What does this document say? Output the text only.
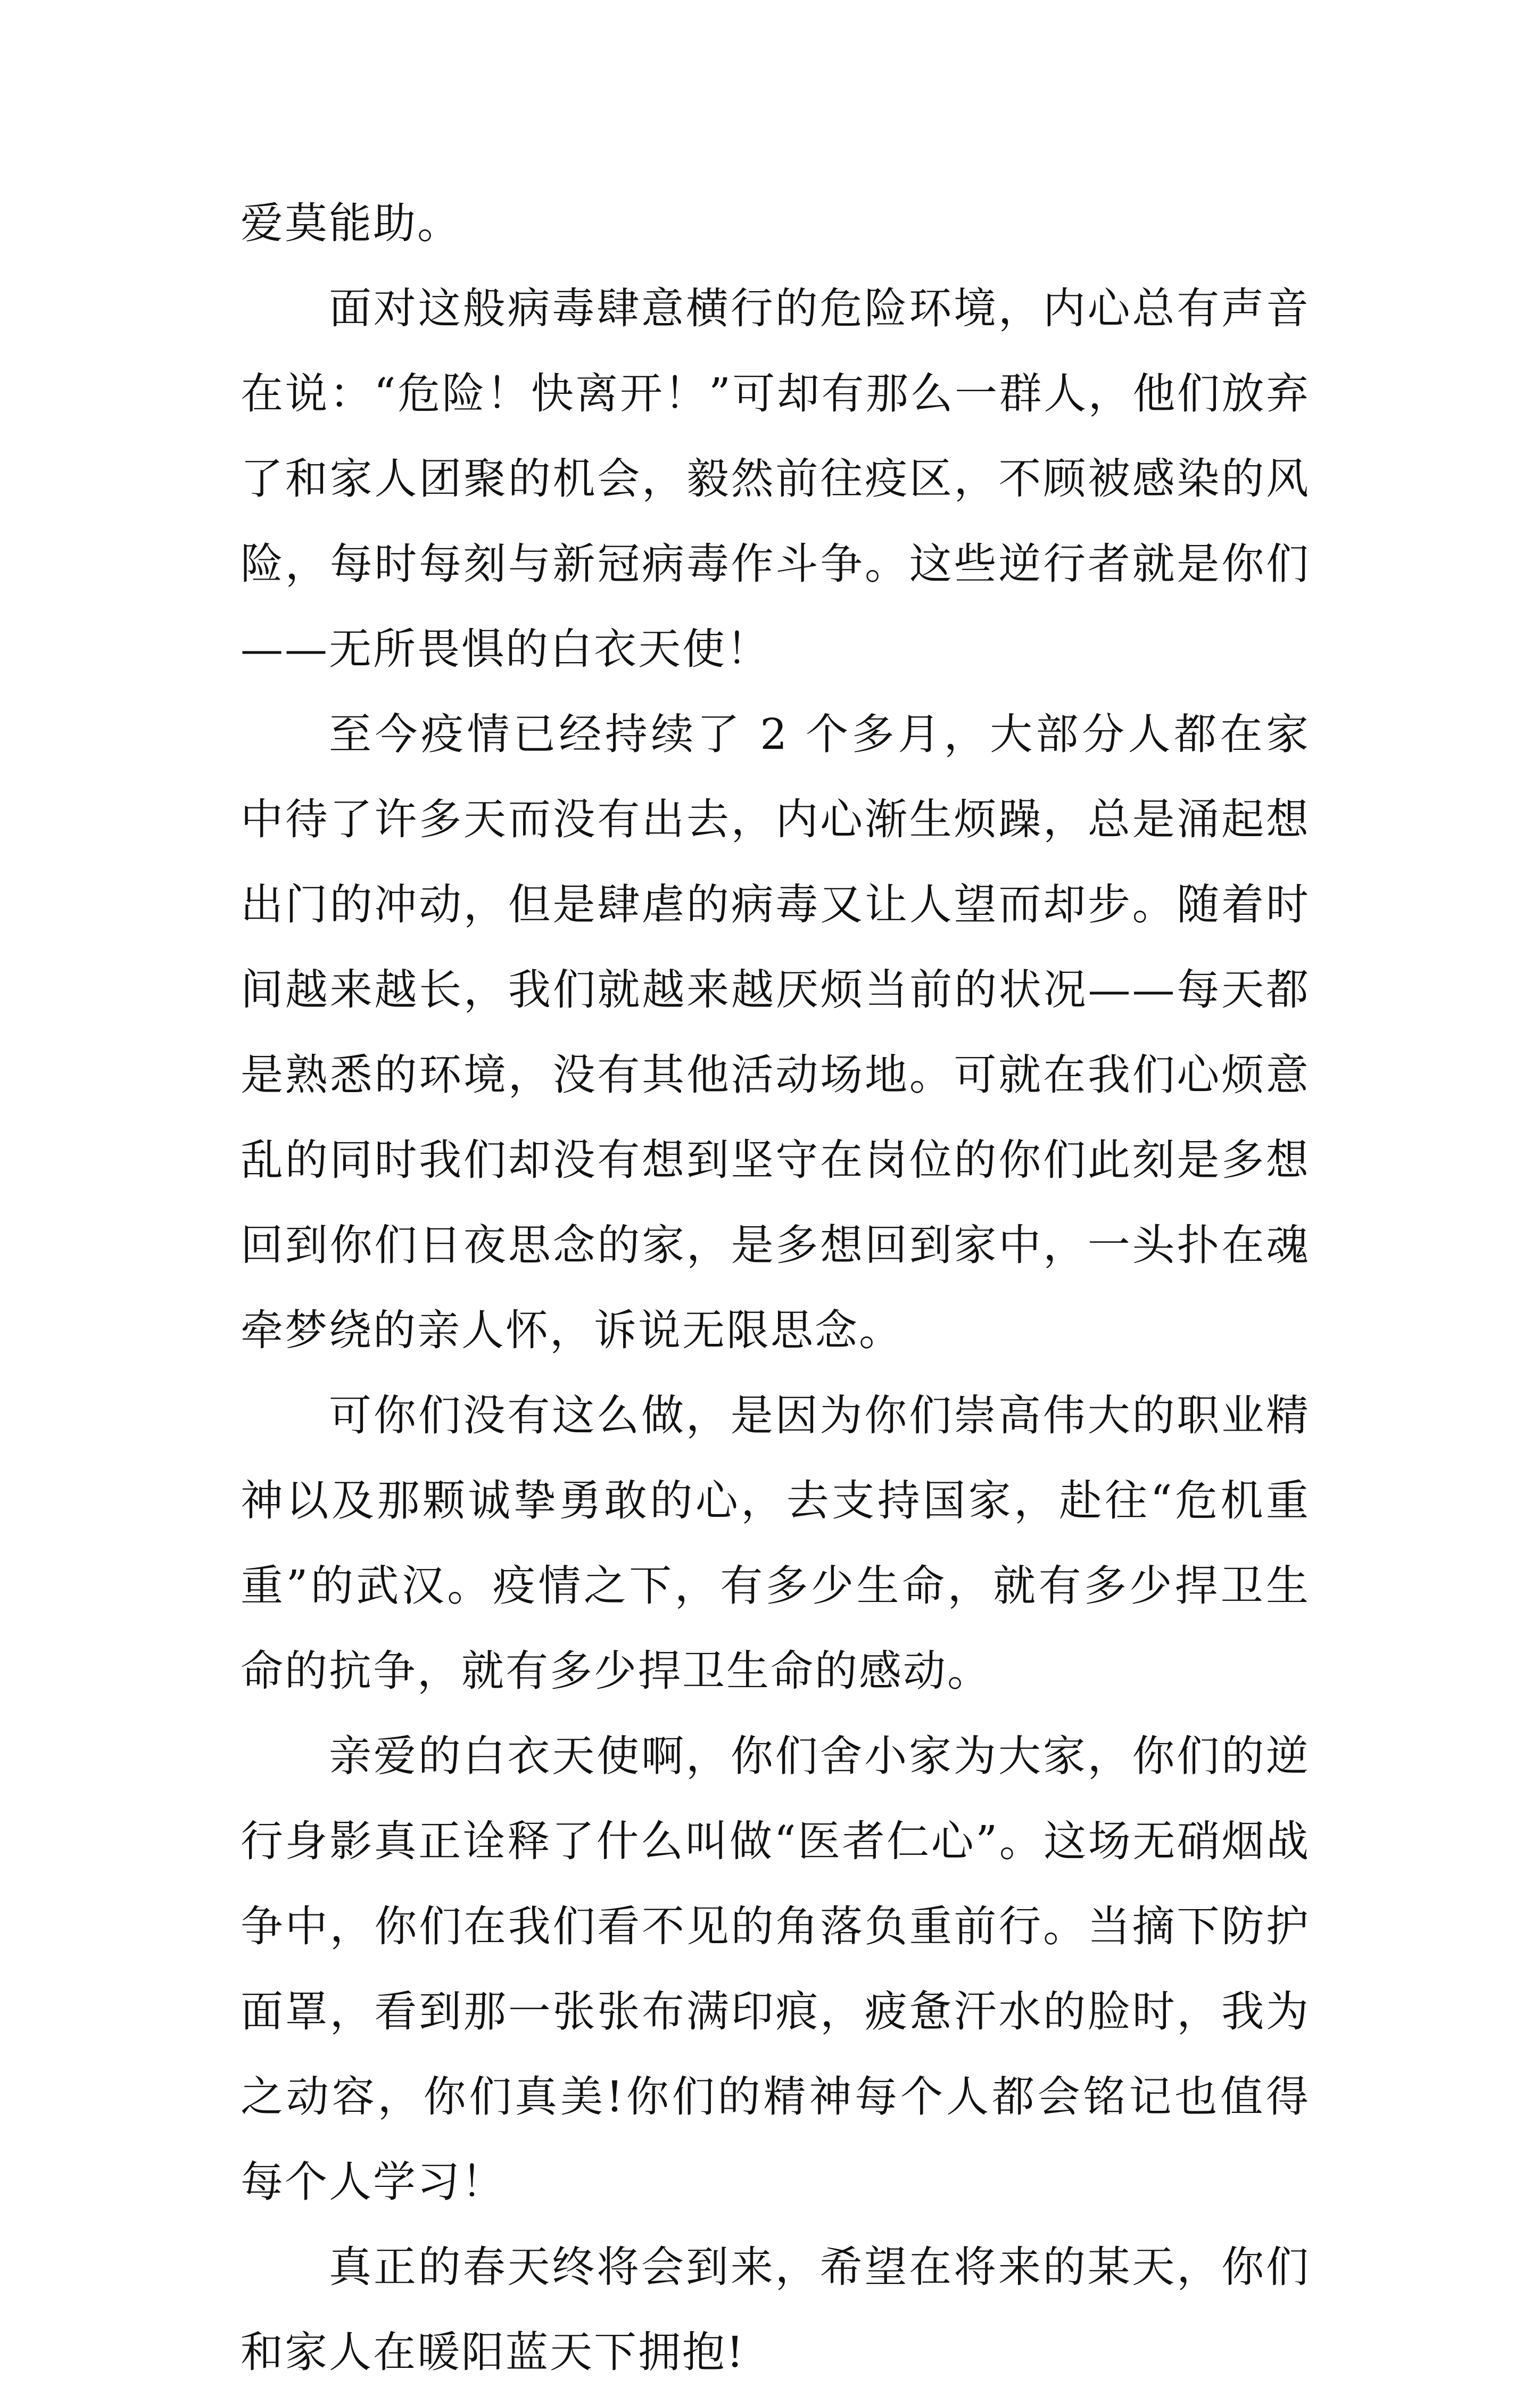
爱莫能助。

面对这般病毒肆意横行的危险环境，内心总有声音在说：“危险！快离开！”可却有那么一群人，他们放弃了和家人团聚的机会，毅然前往疫区，不顾被感染的风险，每时每刻与新冠病毒作斗争。这些逆行者就是你们——无所畏惧的白衣天使！

至今疫情已经持续了 2 个多月，大部分人都在家中待了许多天而没有出去，内心渐生烦躁，总是涌起想出门的冲动，但是肆虐的病毒又让人望而却步。随着时间越来越长，我们就越来越厌烦当前的状况——每天都是熟悉的环境，没有其他活动场地。可就在我们心烦意乱的同时我们却没有想到坚守在岗位的你们此刻是多想回到你们日夜思念的家，是多想回到家中，一头扑在魂牵梦绕的亲人怀，诉说无限思念。

可你们没有这么做，是因为你们崇高伟大的职业精神以及那颗诚挚勇敢的心，去支持国家，赴往“危机重重”的武汉。疫情之下，有多少生命，就有多少捍卫生命的抗争，就有多少捍卫生命的感动。

亲爱的白衣天使啊，你们舍小家为大家，你们的逆行身影真正诠释了什么叫做“医者仁心”。这场无硝烟战争中，你们在我们看不见的角落负重前行。当摘下防护面罩，看到那一张张布满印痕，疲惫汗水的脸时，我为之动容，你们真美!你们的精神每个人都会铭记也值得每个人学习！

真正的春天终将会到来，希望在将来的某天，你们和家人在暖阳蓝天下拥抱!
